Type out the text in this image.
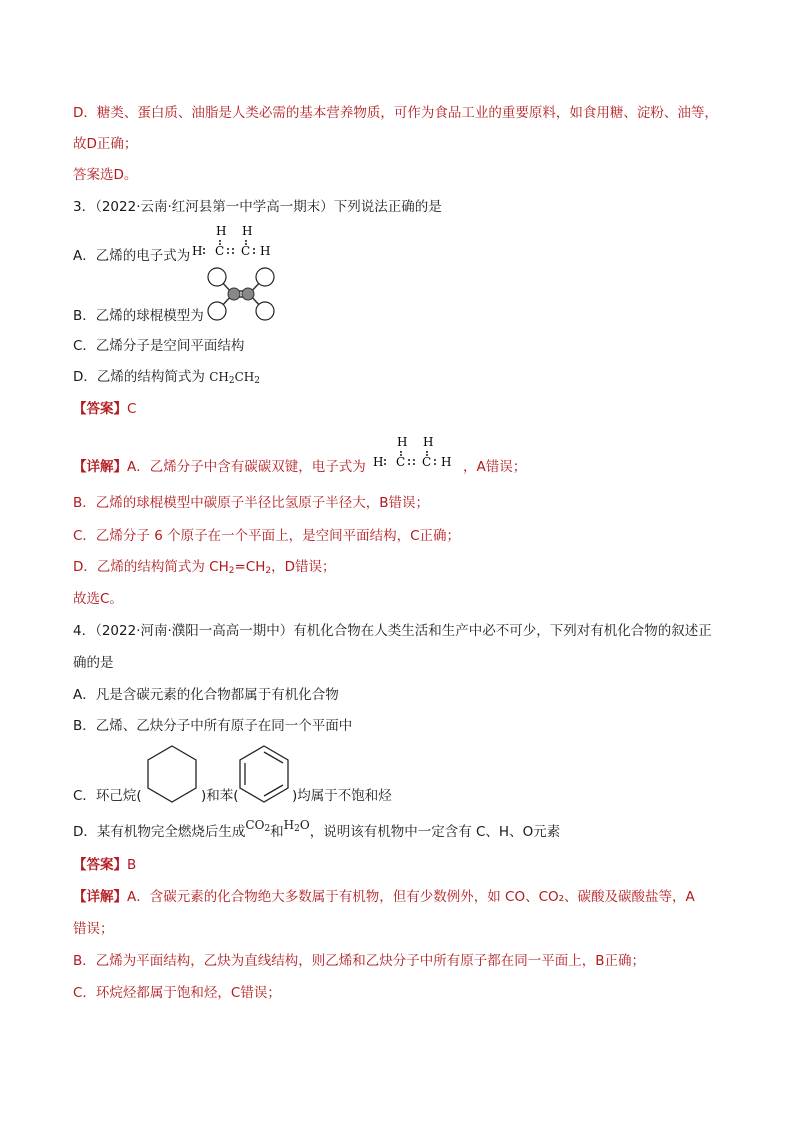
D．糖类、蛋白质、油脂是人类必需的基本营养物质，可作为食品工业的重要原料，如食用糖、淀粉、油等，
故D正确；
答案选D。
3．（2022·云南·红河县第一中学高一期末）下列说法正确的是
A．乙烯的电子式为
H H
H C C H
B．乙烯的球棍模型为
C．乙烯分子是空间平面结构
D．乙烯的结构简式为 $CH_2CH_2$
【答案】C
【详解】A．乙烯分子中含有碳碳双键，电子式为
H H
H C C H ，A错误；
B．乙烯的球棍模型中碳原子半径比氢原子半径大，B错误；
C．乙烯分子 6 个原子在一个平面上，是空间平面结构，C正确；
D．乙烯的结构简式为 $CH_2=CH_2$，D错误；
故选C。
4．（2022·河南·濮阳一高高一期中）有机化合物在人类生活和生产中必不可少，下列对有机化合物的叙述正
确的是
A．凡是含碳元素的化合物都属于有机化合物
B．乙烯、乙炔分子中所有原子在同一个平面中
C．环己烷(	)和苯(	)均属于不饱和烃
D．某有机物完全燃烧后生成$CO^2$和$H^2O$，说明该有机物中一定含有 C、H、O元素
【答案】B
【详解】A．含碳元素的化合物绝大多数属于有机物，但有少数例外，如 CO、CO₂、碳酸及碳酸盐等，A
错误；
B．乙烯为平面结构，乙炔为直线结构，则乙烯和乙炔分子中所有原子都在同一平面上，B正确；
C．环烷烃都属于饱和烃，C错误；
